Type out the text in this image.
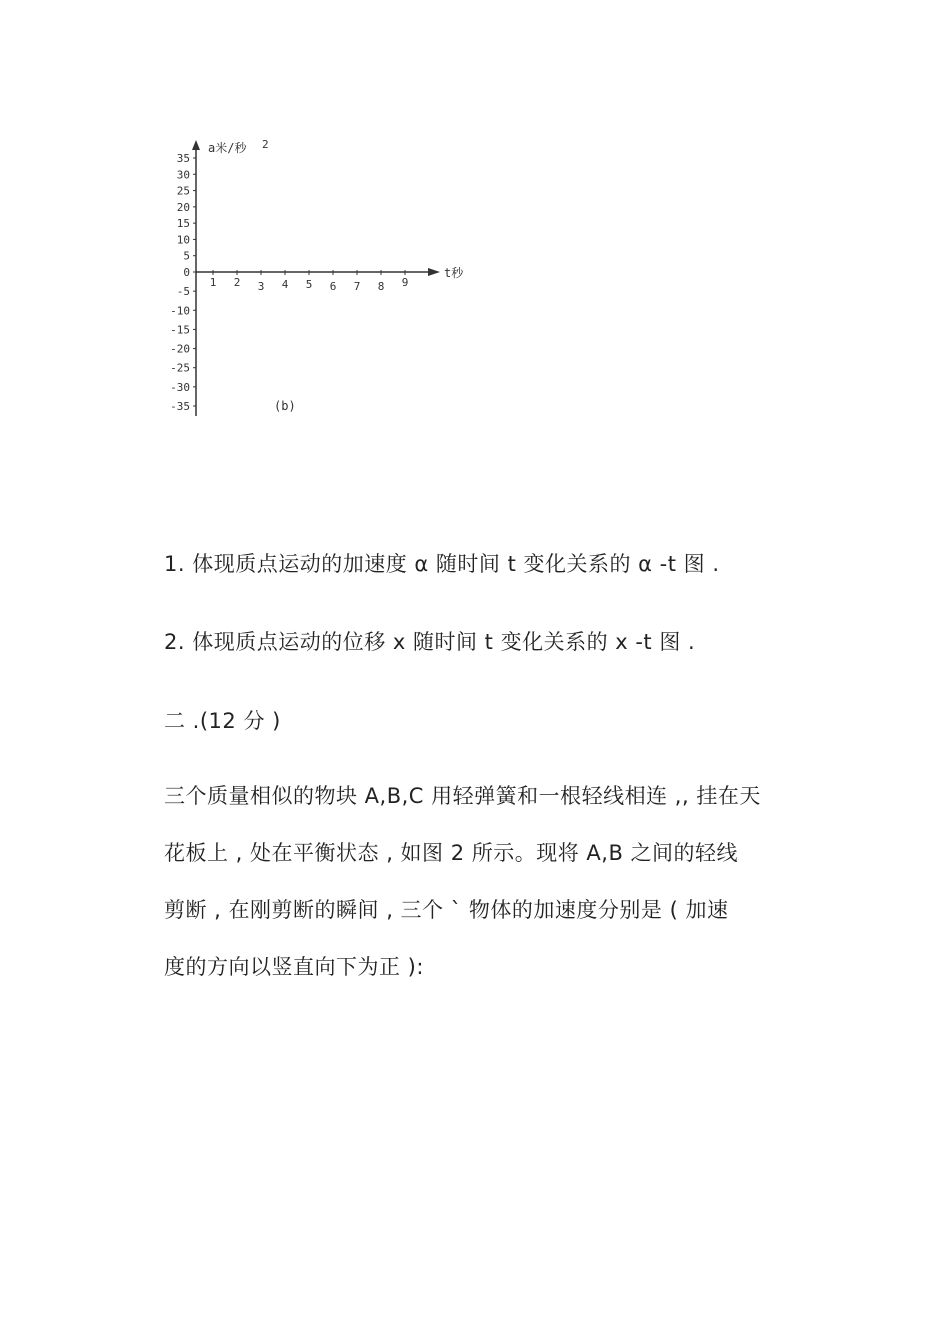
a米/秒 2
t秒
(b)
35
30
25
20
15
10
5
0
-5
-10
-15
-20
-25
-30
-35
1 2 3 4 5 6 7 8 9
1. 体现质点运动的加速度 α 随时间 t 变化关系的 α -t 图 .
2. 体现质点运动的位移 x 随时间 t 变化关系的 x -t 图 .
二 .(12 分 )
三个质量相似的物块 A,B,C 用轻弹簧和一根轻线相连 ,, 挂在天
花板上 , 处在平衡状态 , 如图 2 所示。现将 A,B 之间的轻线
剪断 , 在刚剪断的瞬间 , 三个 ` 物体的加速度分别是 ( 加速
度的方向以竖直向下为正 ):
